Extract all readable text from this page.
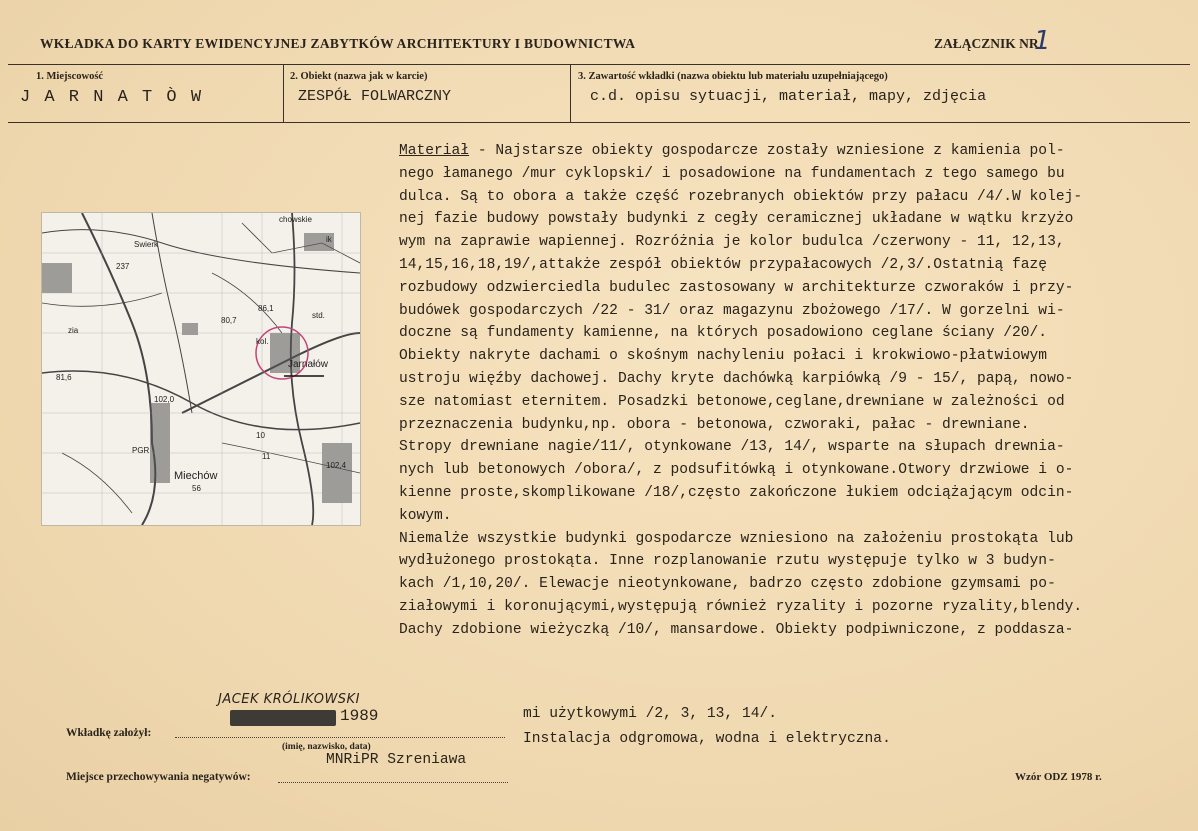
WKŁADKA DO KARTY EWIDENCYJNEJ ZABYTKÓW ARCHITEKTURY I BUDOWNICTWA	ZAŁĄCZNIK NR
1
1. Miejscowość
J A R N A T Ò W
2. Obiekt (nazwa jak w karcie)
ZESPÓŁ FOLWARCZNY
3. Zawartość wkładki (nazwa obiektu lub materiału uzupełniającego)
c.d. opisu sytuacji, materiał, mapy, zdjęcia
237
Swierk
ik
86,1
80,7
Jarnałów
102,0
PGR
Miechów
56
102,4
81,6
zia
std.
kol.
10
11
chowskie
Materiał - Najstarsze obiekty gospodarcze zostały wzniesione z kamienia pol-
nego łamanego /mur cyklopski/ i posadowione na fundamentach z tego samego bu
dulca. Są to obora a także część rozebranych obiektów przy pałacu /4/.W kolej-
nej fazie budowy powstały budynki z cegły ceramicznej układane w wątku krzyżo
wym na zaprawie wapiennej. Rozróżnia je kolor budulca /czerwony - 11, 12,13,
14,15,16,18,19/,attakże zespół obiektów przypałacowych /2,3/.Ostatnią fazę
rozbudowy odzwierciedla budulec zastosowany w architekturze czworaków i przy-
budówek gospodarczych /22 - 31/ oraz magazynu zbożowego /17/. W gorzelni wi-
doczne są fundamenty kamienne, na których posadowiono ceglane ściany /20/.
Obiekty nakryte dachami o skośnym nachyleniu połaci i krokwiowo-płatwiowym
ustroju więźby dachowej. Dachy kryte dachówką karpiówką /9 - 15/, papą, nowo-
sze natomiast eternitem. Posadzki betonowe,ceglane,drewniane w zależności od
przeznaczenia budynku,np. obora - betonowa, czworaki, pałac - drewniane.
Stropy drewniane nagie/11/, otynkowane /13, 14/, wsparte na słupach drewnia-
nych lub betonowych /obora/, z podsufitówką i otynkowane.Otwory drzwiowe i o-
kienne proste,skomplikowane /18/,często zakończone łukiem odciążającym odcin-
kowym.
Niemalże wszystkie budynki gospodarcze wzniesiono na założeniu prostokąta lub
wydłużonego prostokąta. Inne rozplanowanie rzutu występuje tylko w 3 budyn-
kach /1,10,20/. Elewacje nieotynkowane, badrzo często zdobione gzymsami po-
ziałowymi i koronującymi,występują również ryzality i pozorne ryzality,blendy.
Dachy zdobione wieżyczką /10/, mansardowe. Obiekty podpiwniczone, z poddasza-
mi użytkowymi /2, 3, 13, 14/.
Instalacja odgromowa, wodna i elektryczna.
JACEK KRÓLIKOWSKI
1989
Wkładkę założył:
(imię, nazwisko, data)
Miejsce przechowywania negatywów:
MNRiPR Szreniawa
Wzór ODZ 1978 r.
